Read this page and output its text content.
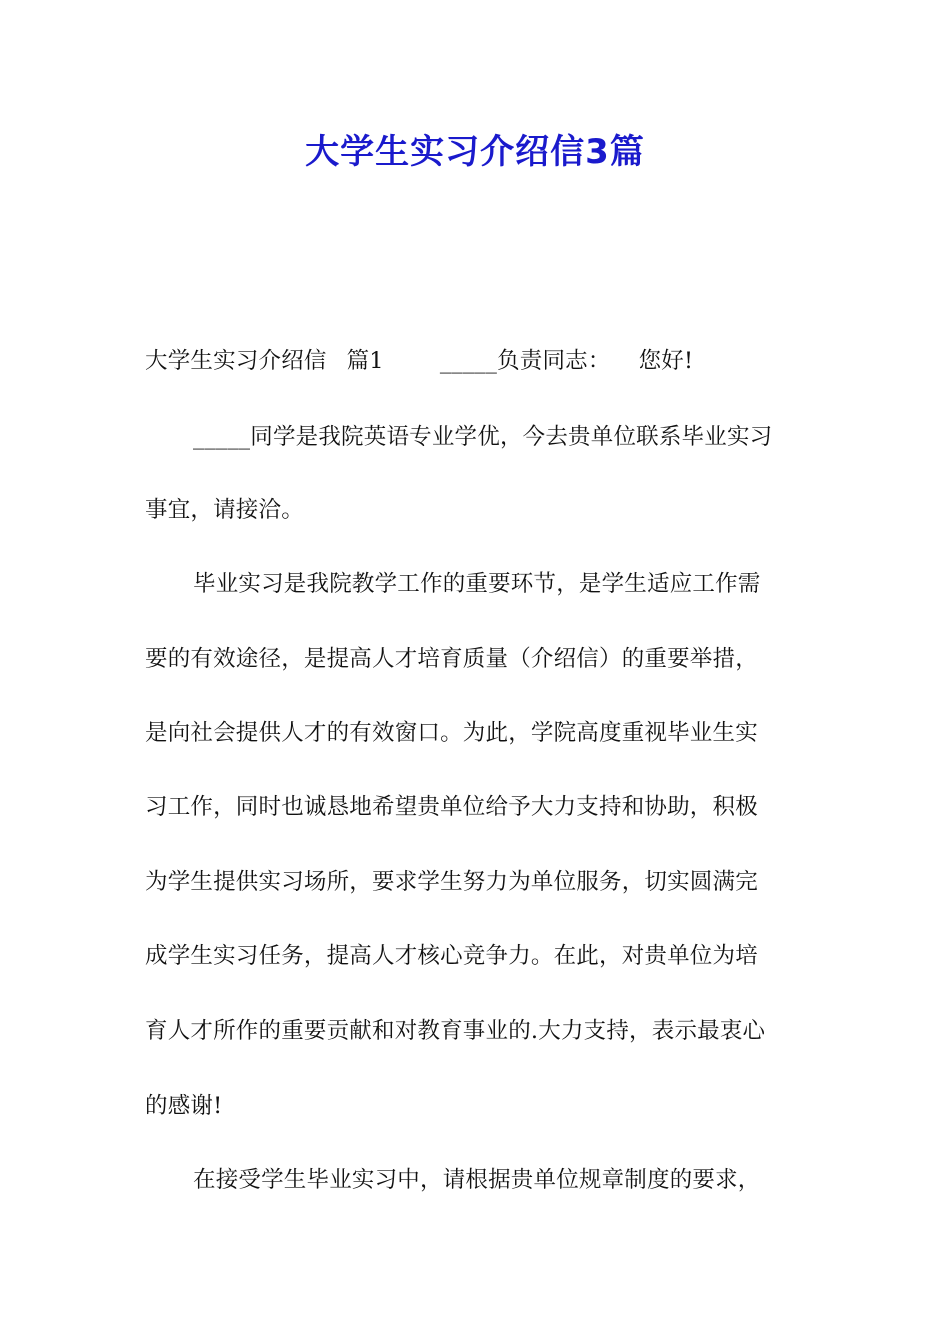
大学生实习介绍信3篇
大学生实习介绍信 篇1 _____负责同志： 您好!
_____同学是我院英语专业学优，今去贵单位联系毕业实习
事宜，请接洽。
毕业实习是我院教学工作的重要环节，是学生适应工作需
要的有效途径，是提高人才培育质量（介绍信）的重要举措，
是向社会提供人才的有效窗口。为此，学院高度重视毕业生实
习工作，同时也诚恳地希望贵单位给予大力支持和协助，积极
为学生提供实习场所，要求学生努力为单位服务，切实圆满完
成学生实习任务，提高人才核心竞争力。在此，对贵单位为培
育人才所作的重要贡献和对教育事业的.大力支持，表示最衷心
的感谢!
在接受学生毕业实习中，请根据贵单位规章制度的要求，
